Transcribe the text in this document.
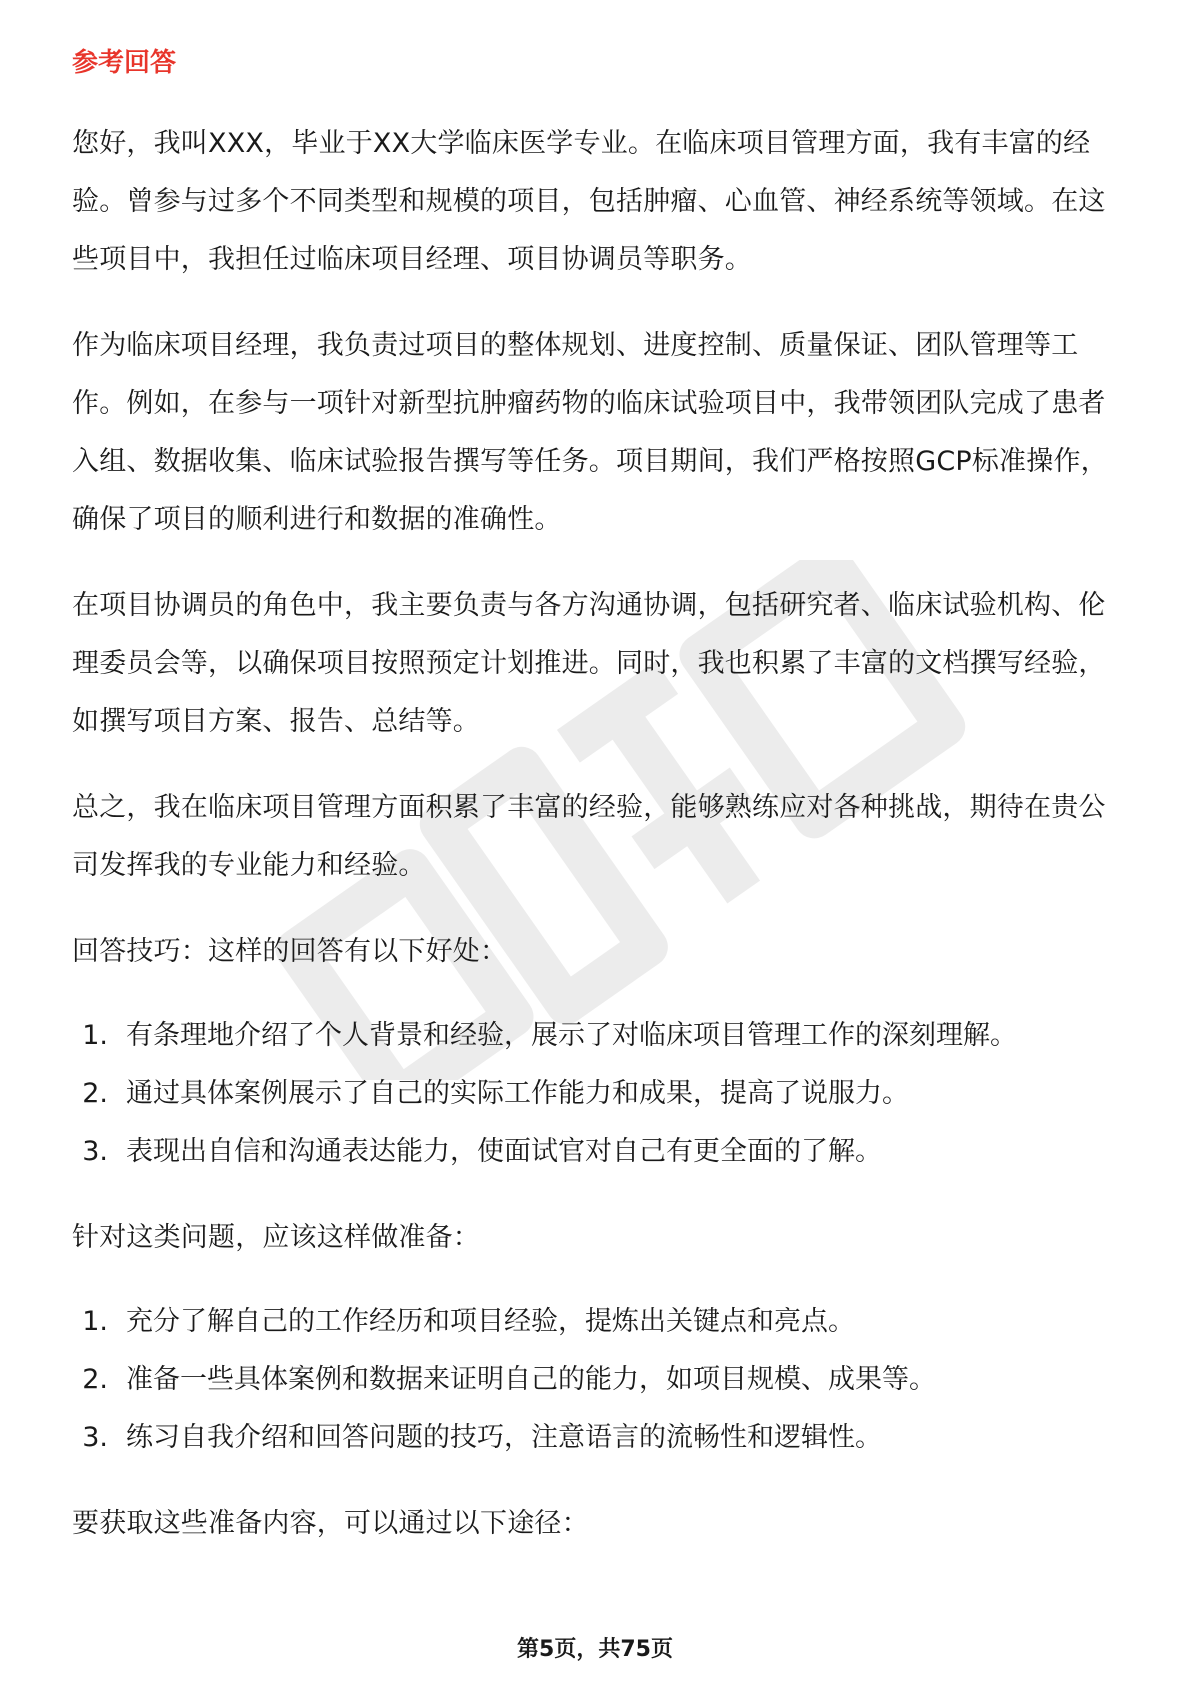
参考回答

您好，我叫XXX，毕业于XX大学临床医学专业。在临床项目管理方面，我有丰富的经验。曾参与过多个不同类型和规模的项目，包括肿瘤、心血管、神经系统等领域。在这些项目中，我担任过临床项目经理、项目协调员等职务。

作为临床项目经理，我负责过项目的整体规划、进度控制、质量保证、团队管理等工作。例如，在参与一项针对新型抗肿瘤药物的临床试验项目中，我带领团队完成了患者入组、数据收集、临床试验报告撰写等任务。项目期间，我们严格按照GCP标准操作，确保了项目的顺利进行和数据的准确性。

在项目协调员的角色中，我主要负责与各方沟通协调，包括研究者、临床试验机构、伦理委员会等，以确保项目按照预定计划推进。同时，我也积累了丰富的文档撰写经验，如撰写项目方案、报告、总结等。

总之，我在临床项目管理方面积累了丰富的经验，能够熟练应对各种挑战，期待在贵公司发挥我的专业能力和经验。

回答技巧：这样的回答有以下好处：

1. 有条理地介绍了个人背景和经验，展示了对临床项目管理工作的深刻理解。
2. 通过具体案例展示了自己的实际工作能力和成果，提高了说服力。
3. 表现出自信和沟通表达能力，使面试官对自己有更全面的了解。

针对这类问题，应该这样做准备：

1. 充分了解自己的工作经历和项目经验，提炼出关键点和亮点。
2. 准备一些具体案例和数据来证明自己的能力，如项目规模、成果等。
3. 练习自我介绍和回答问题的技巧，注意语言的流畅性和逻辑性。

要获取这些准备内容，可以通过以下途径：

第5页，共75页
